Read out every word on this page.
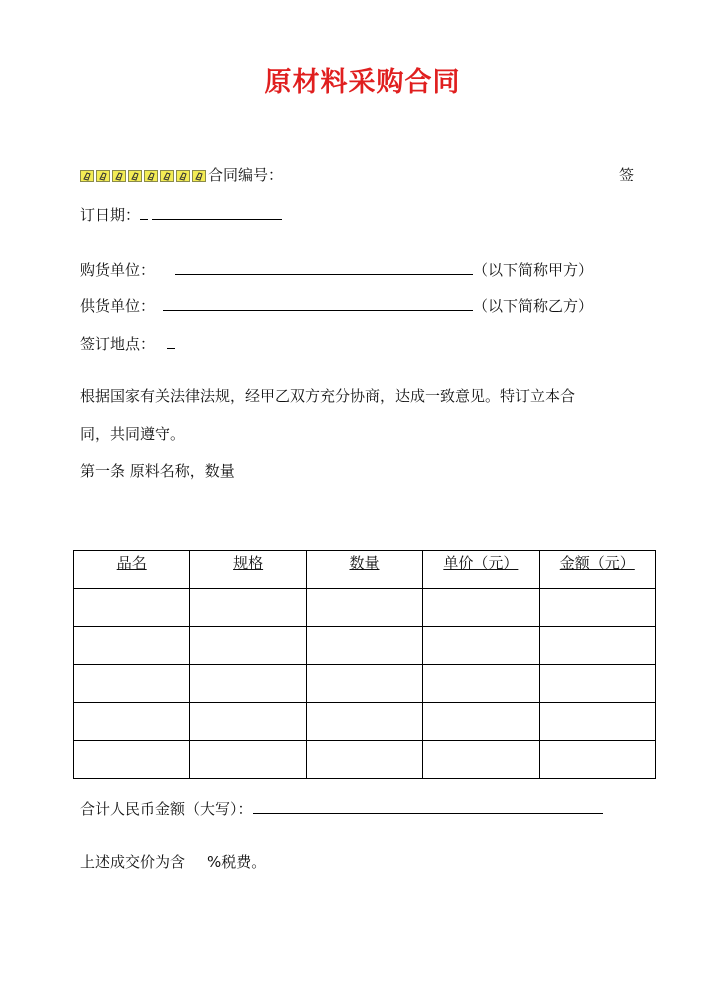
原材料采购合同
合同编号：	签
订日期：
购货单位：	（以下简称甲方）
供货单位：	（以下简称乙方）
签订地点：
根据国家有关法律法规，经甲乙双方充分协商，达成一致意见。特订立本合
同，共同遵守。
第一条 原料名称，数量
品名	规格	数量	单价（元）	金额（元）

合计人民币金额（大写）：
上述成交价为含 %税费。
